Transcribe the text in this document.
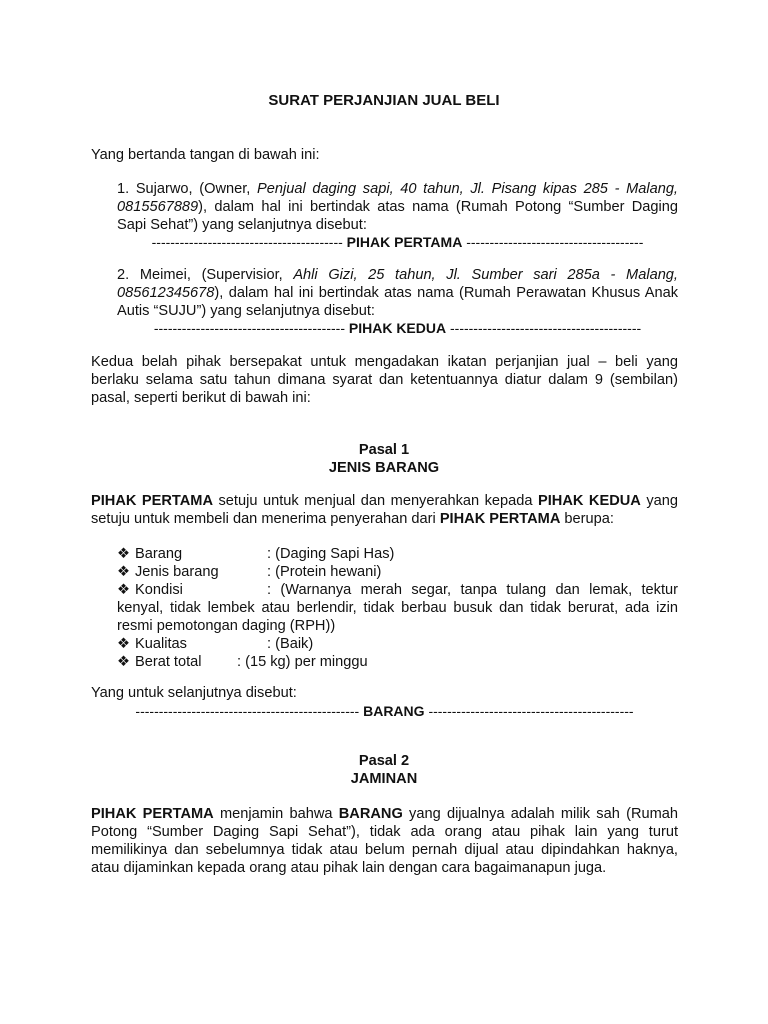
SURAT PERJANJIAN JUAL BELI
Yang bertanda tangan di bawah ini:
1. Sujarwo, (Owner, Penjual daging sapi, 40 tahun, Jl. Pisang kipas 285 - Malang, 0815567889), dalam hal ini bertindak atas nama (Rumah Potong “Sumber Daging Sapi Sehat”) yang selanjutnya disebut:
----------------------------------------- PIHAK PERTAMA --------------------------------------
2. Meimei, (Supervisior, Ahli Gizi, 25 tahun, Jl. Sumber sari 285a - Malang, 085612345678), dalam hal ini bertindak atas nama (Rumah Perawatan Khusus Anak Autis “SUJU”) yang selanjutnya disebut:
----------------------------------------- PIHAK KEDUA -----------------------------------------
Kedua belah pihak bersepakat untuk mengadakan ikatan perjanjian jual – beli yang berlaku selama satu tahun dimana syarat dan ketentuannya diatur dalam 9 (sembilan) pasal, seperti berikut di bawah ini:
Pasal 1
JENIS BARANG
PIHAK PERTAMA setuju untuk menjual dan menyerahkan kepada PIHAK KEDUA yang setuju untuk membeli dan menerima penyerahan dari PIHAK PERTAMA berupa:
❖ Barang	: (Daging Sapi Has)
❖ Jenis barang	: (Protein hewani)
❖ Kondisi	: (Warnanya merah segar, tanpa tulang dan lemak, tektur kenyal, tidak lembek atau berlendir, tidak berbau busuk dan tidak berurat, ada izin resmi pemotongan daging (RPH))
❖ Kualitas	: (Baik)
❖ Berat total	: (15 kg) per minggu
Yang untuk selanjutnya disebut:
------------------------------------------------ BARANG --------------------------------------------
Pasal 2
JAMINAN
PIHAK PERTAMA menjamin bahwa BARANG yang dijualnya adalah milik sah (Rumah Potong “Sumber Daging Sapi Sehat”), tidak ada orang atau pihak lain yang turut memilikinya dan sebelumnya tidak atau belum pernah dijual atau dipindahkan haknya, atau dijaminkan kepada orang atau pihak lain dengan cara bagaimanapun juga.
